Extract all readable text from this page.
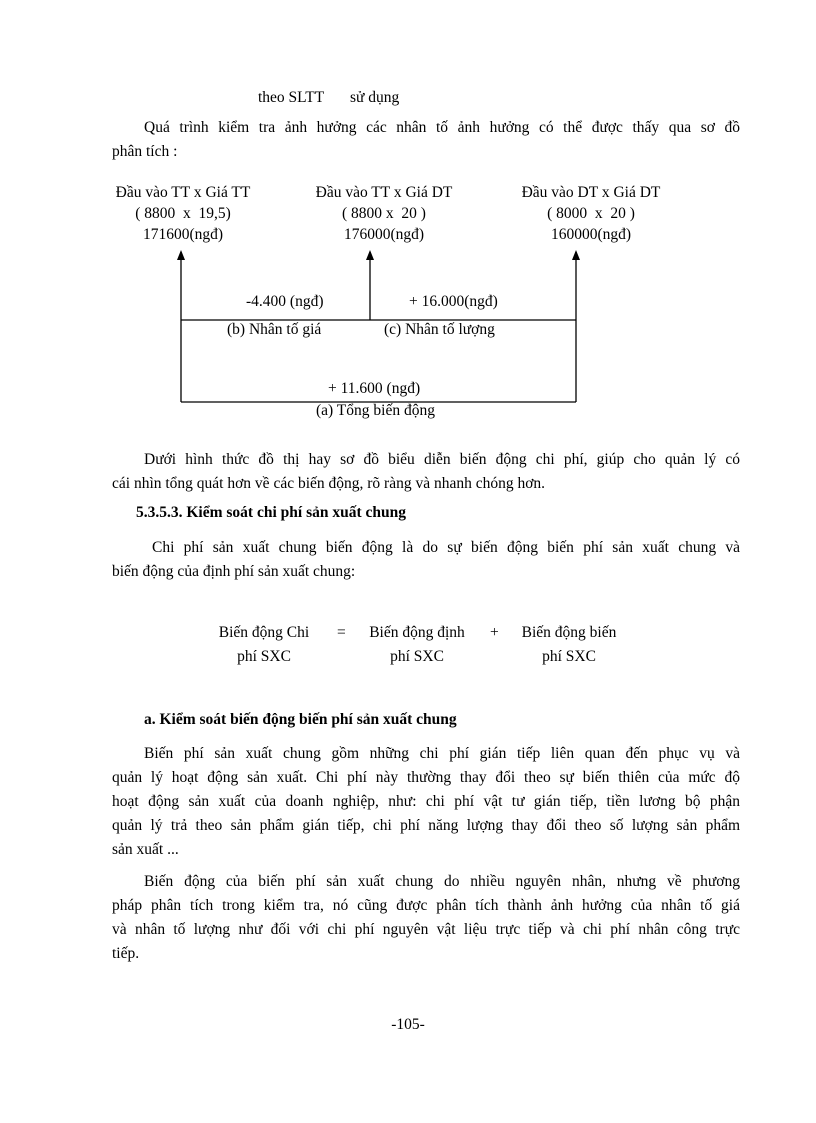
theo SLTT sử dụng
Quá trình kiểm tra ảnh hưởng các nhân tố ảnh hưởng có thể được thấy qua sơ đồ
phân tích :
Đầu vào TT x Giá TT
( 8800  x  19,5)
171600(ngđ)
Đầu vào TT x Giá DT
( 8800 x  20 )
176000(ngđ)
Đầu vào DT x Giá DT
( 8000  x  20 )
160000(ngđ)
-4.400 (ngđ)	+ 16.000(ngđ)
(b) Nhân tố giá	(c) Nhân tố lượng
+ 11.600 (ngđ)
(a) Tổng biến động
Dưới hình thức đồ thị hay sơ đồ biểu diễn biến động chi phí, giúp cho quản lý có
cái nhìn tổng quát hơn về các biến động, rõ ràng và nhanh chóng hơn.
5.3.5.3. Kiểm soát chi phí sản xuất chung
Chi phí sản xuất chung biến động là do sự biến động biến phí sản xuất chung và
biến động của định phí sản xuất chung:
Biến động Chi
phí SXC
=	Biến động định
phí SXC
+	Biến động biến
phí SXC
a. Kiểm soát biến động biến phí sản xuất chung
Biến phí sản xuất chung gồm những chi phí gián tiếp liên quan đến phục vụ và
quản lý hoạt động sản xuất. Chi phí này thường thay đổi theo sự biến thiên của mức độ
hoạt động sản xuất của doanh nghiệp, như: chi phí vật tư gián tiếp, tiền lương bộ phận
quản lý trả theo sản phẩm gián tiếp, chi phí năng lượng thay đổi theo số lượng sản phẩm
sản xuất ...
Biến động của biến phí sản xuất chung do nhiều nguyên nhân, nhưng về phương
pháp phân tích trong kiểm tra, nó cũng được phân tích thành ảnh hưởng của nhân tố giá
và nhân tố lượng như đối với chi phí nguyên vật liệu trực tiếp và chi phí nhân công trực
tiếp.
-105-
